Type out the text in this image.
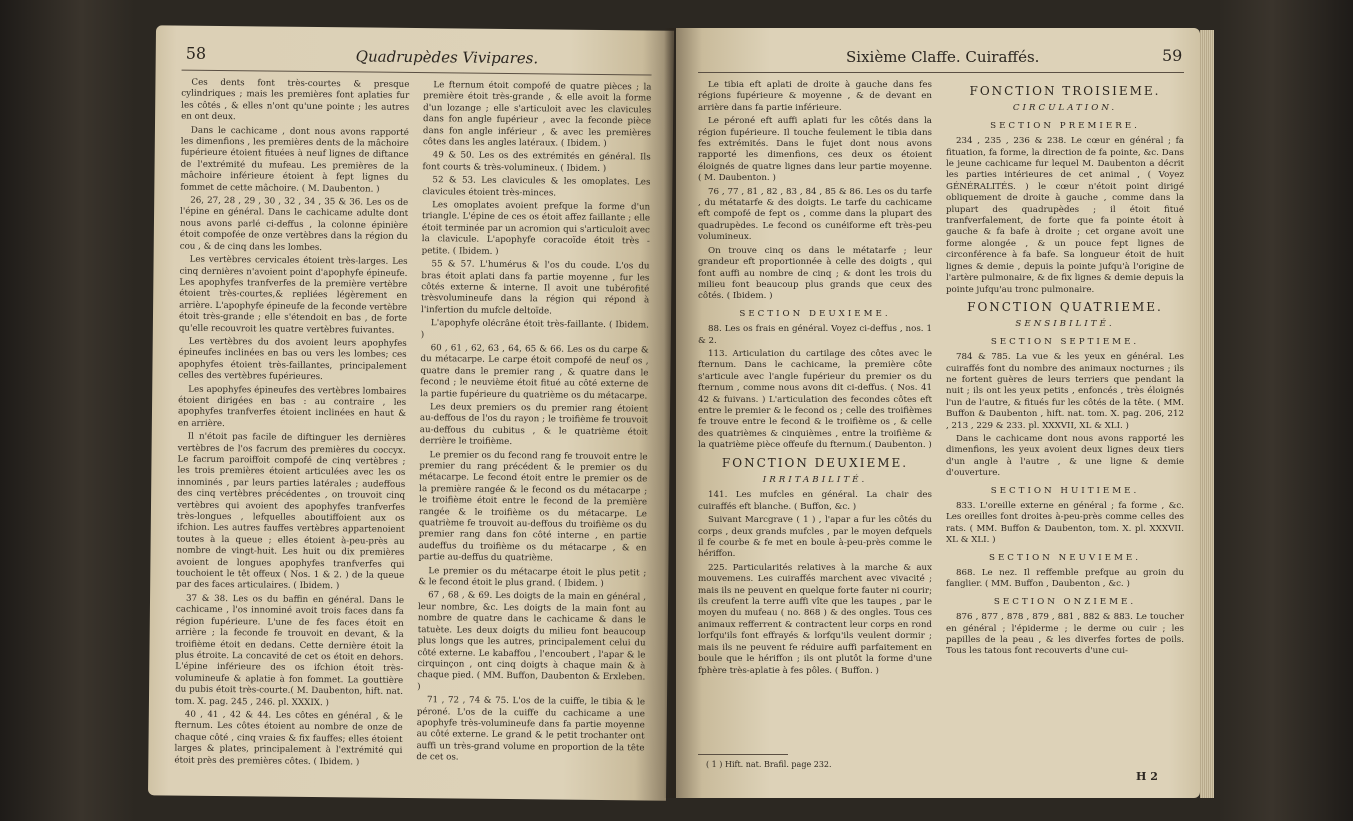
58	Quadrupèdes Vivipares.

Ces dents font très-courtes & presque cylindriques ; mais les premières font aplaties fur les côtés , & elles n'ont qu'une pointe ; les autres en ont deux.

Dans le cachicame , dont nous avons rapporté les dimenfions , les premières dents de la mâchoire fupérieure étoient fituées à neuf lignes de diftance de l'extrémité du mufeau. Les premières de la mâchoire inférieure étoient à fept lignes du fommet de cette mâchoire. ( M. Daubenton. )

26, 27, 28 , 29 , 30 , 32 , 34 , 35 & 36. Les os de l'épine en général. Dans le cachicame adulte dont nous avons parlé ci-deffus , la colonne épinière étoit compofée de onze vertèbres dans la région du cou , & de cinq dans les lombes.

Les vertèbres cervicales étoient très-larges. Les cinq dernières n'avoient point d'apophyfe épineufe. Les apophyfes tranfverfes de la première vertèbre étoient très-courtes,& repliées légèrement en arrière. L'apophyfe épineufe de la feconde vertèbre étoit très-grande ; elle s'étendoit en bas , de forte qu'elle recouvroit les quatre vertèbres fuivantes.

Les vertèbres du dos avoient leurs apophyfes épineufes inclinées en bas ou vers les lombes; ces apophyfes étoient très-faillantes, principalement celles des vertèbres fupérieures.

Les apophyfes épineufes des vertèbres lombaires étoient dirigées en bas : au contraire , les apophyfes tranfverfes étoient inclinées en haut & en arrière.

Il n'étoit pas facile de diftinguer les dernières vertèbres de l'os facrum des premières du coccyx. Le facrum paroiffoit compofé de cinq vertèbres ; les trois premières étoient articulées avec les os innominés , par leurs parties latérales ; audeffous des cinq vertèbres précédentes , on trouvoit cinq vertèbres qui avoient des apophyfes tranfverfes très-longues , lefquelles aboutiffoient aux os ifchion. Les autres fauffes vertèbres appartenoient toutes à la queue ; elles étoient à-peu-près au nombre de vingt-huit. Les huit ou dix premières avoient de longues apophyfes tranfverfes qui touchoient le têt offeux ( Nos. 1 & 2. ) de la queue par des faces articulaires. ( Ibidem. )

37 & 38. Les os du baffin en général. Dans le cachicame , l'os innominé avoit trois faces dans fa région fupérieure. L'une de fes faces étoit en arrière ; la feconde fe trouvoit en devant, & la troifième étoit en dedans. Cette dernière étoit la plus étroite. La concavité de cet os étoit en dehors. L'épine inférieure des os ifchion étoit très-volumineufe & aplatie à fon fommet. La gouttière du pubis étoit très-courte.( M. Daubenton, hift. nat. tom. X. pag. 245 , 246. pl. XXXIX. )

40 , 41 , 42 & 44. Les côtes en général , & le fternum. Les côtes étoient au nombre de onze de chaque côté , cinq vraies & fix fauffes; elles étoient larges & plates, principalement à l'extrémité qui étoit près des premières côtes. ( Ibidem. )

Le fternum étoit compofé de quatre pièces ; la première étoit très-grande , & elle avoit la forme d'un lozange ; elle s'articuloit avec les clavicules dans fon angle fupérieur , avec la feconde pièce dans fon angle inférieur , & avec les premières côtes dans les angles latéraux. ( Ibidem. )

49 & 50. Les os des extrémités en général. Ils font courts & très-volumineux. ( Ibidem. )

52 & 53. Les clavicules & les omoplates. Les clavicules étoient très-minces.

Les omoplates avoient prefque la forme d'un triangle. L'épine de ces os étoit affez faillante ; elle étoit terminée par un acromion qui s'articuloit avec la clavicule. L'apophyfe coracoïde étoit très - petite. ( Ibidem. )

55 & 57. L'humérus & l'os du coude. L'os du bras étoit aplati dans fa partie moyenne , fur les côtés externe & interne. Il avoit une tubérofité trèsvolumineufe dans la région qui répond à l'infertion du mufcle deltoïde.

L'apophyfe olécrâne étoit très-faillante. ( Ibidem. )

60 , 61 , 62, 63 , 64, 65 & 66. Les os du carpe & du métacarpe. Le carpe étoit compofé de neuf os , quatre dans le premier rang , & quatre dans le fecond ; le neuvième étoit fitué au côté externe de la partie fupérieure du quatrième os du métacarpe.

Les deux premiers os du premier rang étoient au-deffous de l'os du rayon ; le troifième fe trouvoit au-deffous du cubitus , & le quatrième étoit derrière le troifième.

Le premier os du fecond rang fe trouvoit entre le premier du rang précédent & le premier os du métacarpe. Le fecond étoit entre le premier os de la première rangée & le fecond os du métacarpe ; le troifième étoit entre le fecond de la première rangée & le troifième os du métacarpe. Le quatrième fe trouvoit au-deffous du troifième os du premier rang dans fon côté interne , en partie audeffus du troifième os du métacarpe , & en partie au-deffus du quatrième.

Le premier os du métacarpe étoit le plus petit ; & le fecond étoit le plus grand. ( Ibidem. )

67 , 68 , & 69. Les doigts de la main en général , leur nombre, &c. Les doigts de la main font au nombre de quatre dans le cachicame & dans le tatuète. Les deux doigts du milieu font beaucoup plus longs que les autres, principalement celui du côté externe. Le kabaffou , l'encoubert , l'apar & le cirquinçon , ont cinq doigts à chaque main & à chaque pied. ( MM. Buffon, Daubenton & Erxleben. )

71 , 72 , 74 & 75. L'os de la cuiffe, le tibia & le péroné. L'os de la cuiffe du cachicame a une apophyfe très-volumineufe dans fa partie moyenne au côté externe. Le grand & le petit trochanter ont auffi un très-grand volume en proportion de la tête de cet os.

Sixième Claffe. Cuiraffés.	59

Le tibia eft aplati de droite à gauche dans fes régions fupérieure & moyenne , & de devant en arrière dans fa partie inférieure.

Le péroné eft auffi aplati fur les côtés dans la région fupérieure. Il touche feulement le tibia dans fes extrémités. Dans le fujet dont nous avons rapporté les dimenfions, ces deux os étoient éloignés de quatre lignes dans leur partie moyenne. ( M. Daubenton. )

76 , 77 , 81 , 82 , 83 , 84 , 85 & 86. Les os du tarfe , du métatarfe & des doigts. Le tarfe du cachicame eft compofé de fept os , comme dans la plupart des quadrupèdes. Le fecond os cunéiforme eft très-peu volumineux.

On trouve cinq os dans le métatarfe ; leur grandeur eft proportionnée à celle des doigts , qui font auffi au nombre de cinq ; & dont les trois du milieu font beaucoup plus grands que ceux des côtés. ( Ibidem. )

SECTION DEUXIEME.

88. Les os frais en général. Voyez ci-deffus , nos. 1 & 2.

113. Articulation du cartilage des côtes avec le fternum. Dans le cachicame, la première côte s'articule avec l'angle fupérieur du premier os du fternum , comme nous avons dit ci-deffus. ( Nos. 41 42 & fuivans. ) L'articulation des fecondes côtes eft entre le premier & le fecond os ; celle des troifièmes fe trouve entre le fecond & le troifième os , & celle des quatrièmes & cinquièmes , entre la troifième & la quatrième pièce offeufe du fternum.( Daubenton. )

FONCTION DEUXIEME.

IRRITABILITÉ.

141. Les mufcles en général. La chair des cuiraffés eft blanche. ( Buffon, &c. )

Suivant Marcgrave ( 1 ) , l'apar a fur les côtés du corps , deux grands mufcles , par le moyen defquels il fe courbe & fe met en boule à-peu-près comme le hériffon.

225. Particularités relatives à la marche & aux mouvemens. Les cuiraffés marchent avec vivacité ; mais ils ne peuvent en quelque forte fauter ni courir; ils creufent la terre auffi vîte que les taupes , par le moyen du mufeau ( no. 868 ) & des ongles. Tous ces animaux refferrent & contractent leur corps en rond lorfqu'ils font effrayés & lorfqu'ils veulent dormir ; mais ils ne peuvent fe réduire auffi parfaitement en boule que le hériffon ; ils ont plutôt la forme d'une fphère très-aplatie à fes pôles. ( Buffon. )

FONCTION TROISIEME.

CIRCULATION.

SECTION PREMIERE.

234 , 235 , 236 & 238. Le cœur en général ; fa fituation, fa forme, la direction de fa pointe, &c. Dans le jeune cachicame fur lequel M. Daubenton a décrit les parties intérieures de cet animal , ( Voyez GÉNÉRALITÉS. ) le cœur n'étoit point dirigé obliquement de droite à gauche , comme dans la plupart des quadrupèdes ; il étoit fitué tranfverfalement, de forte que fa pointe étoit à gauche & fa bafe à droite ; cet organe avoit une forme alongée , & un pouce fept lignes de circonférence à fa bafe. Sa longueur étoit de huit lignes & demie , depuis la pointe jufqu'à l'origine de l'artère pulmonaire, & de fix lignes & demie depuis la pointe jufqu'au tronc pulmonaire.

FONCTION QUATRIEME.

SENSIBILITÉ.

SECTION SEPTIEME.

784 & 785. La vue & les yeux en général. Les cuiraffés font du nombre des animaux nocturnes ; ils ne fortent guères de leurs terriers que pendant la nuit ; ils ont les yeux petits , enfoncés , très éloignés l'un de l'autre, & fitués fur les côtés de la tête. ( MM. Buffon & Daubenton , hift. nat. tom. X. pag. 206, 212 , 213 , 229 & 233. pl. XXXVII, XL & XLI. )

Dans le cachicame dont nous avons rapporté les dimenfions, les yeux avoient deux lignes deux tiers d'un angle à l'autre , & une ligne & demie d'ouverture.

SECTION HUITIEME.

833. L'oreille externe en général ; fa forme , &c. Les oreilles font droites à-peu-près comme celles des rats. ( MM. Buffon & Daubenton, tom. X. pl. XXXVII. XL & XLI. )

SECTION NEUVIEME.

868. Le nez. Il reffemble prefque au groin du fanglier. ( MM. Buffon , Daubenton , &c. )

SECTION ONZIEME.

876 , 877 , 878 , 879 , 881 , 882 & 883. Le toucher en général ; l'épiderme ; le derme ou cuir ; les papilles de la peau , & les diverfes fortes de poils. Tous les tatous font recouverts d'une cui-

( 1 ) Hift. nat. Brafil. page 232.
H 2
